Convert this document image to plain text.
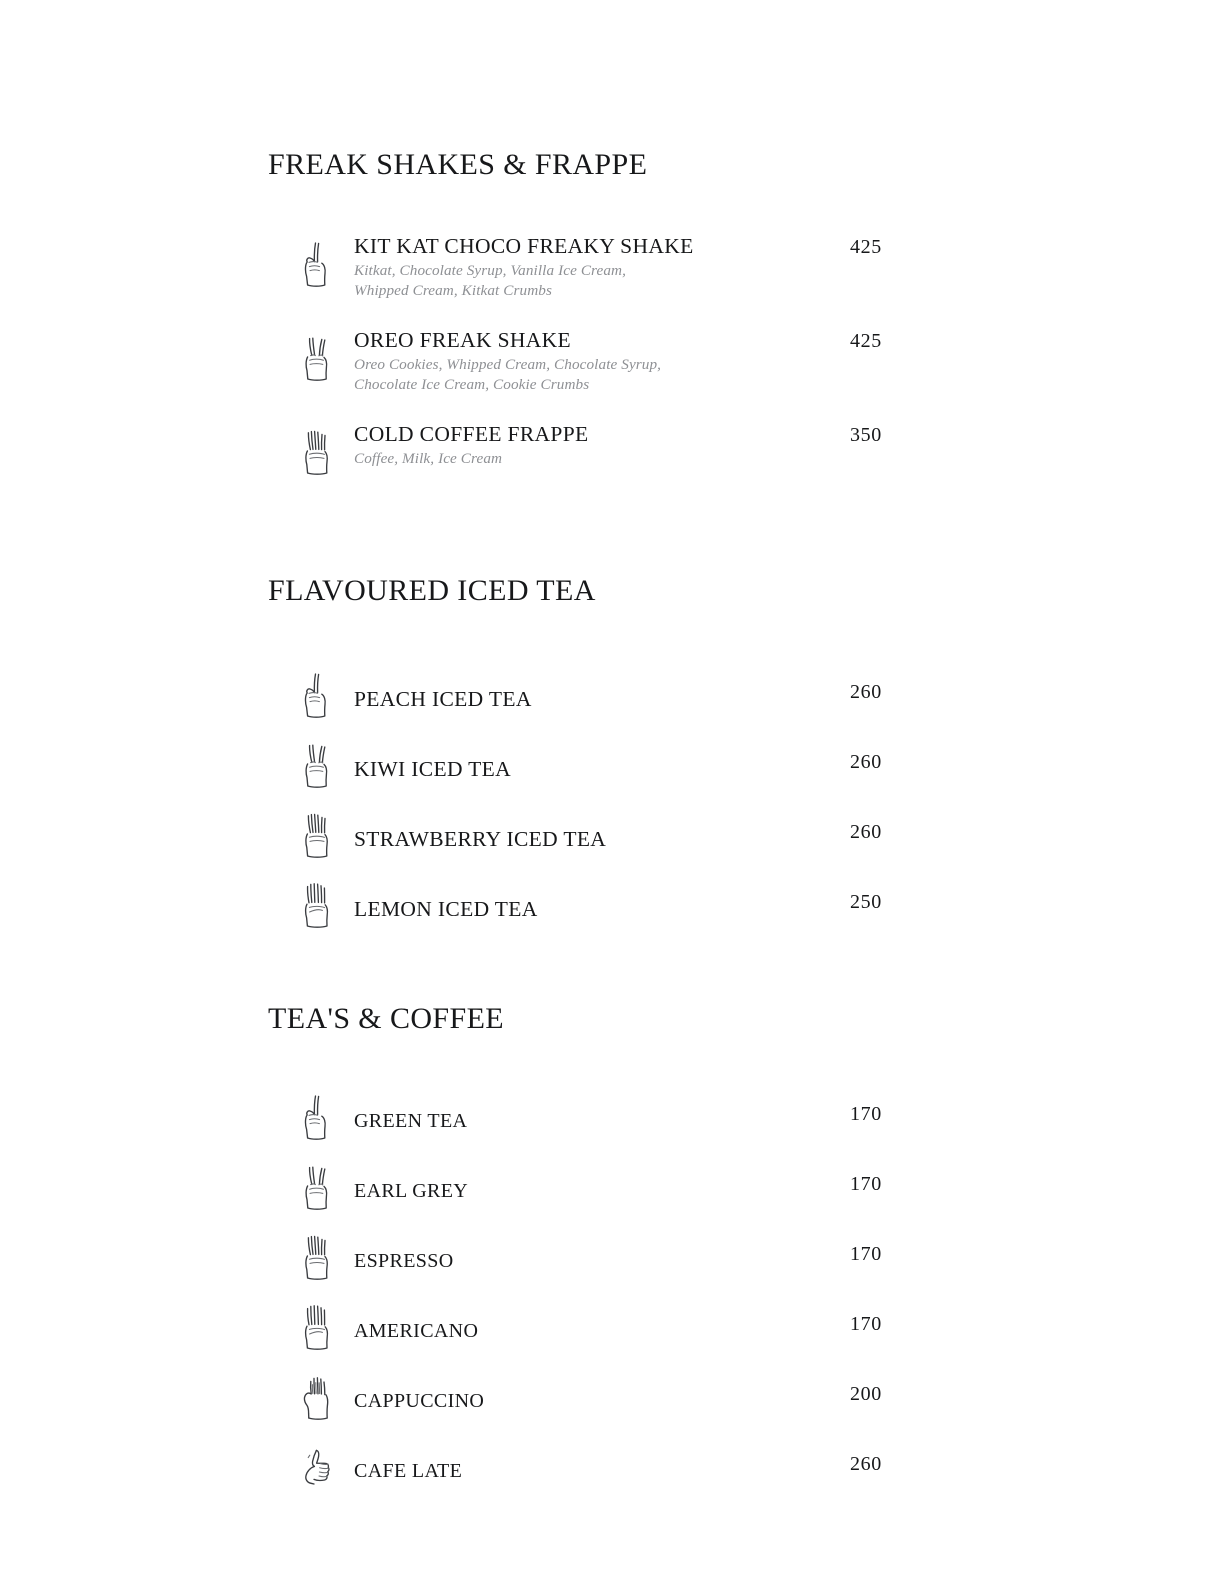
FREAK SHAKES & FRAPPE
KIT KAT CHOCO FREAKY SHAKE
Kitkat, Chocolate Syrup, Vanilla Ice Cream,
Whipped Cream, Kitkat Crumbs
425
OREO FREAK SHAKE
Oreo Cookies, Whipped Cream, Chocolate Syrup,
Chocolate Ice Cream, Cookie Crumbs
425
COLD COFFEE FRAPPE
Coffee, Milk, Ice Cream
350
FLAVOURED ICED TEA
PEACH ICED TEA	260
KIWI ICED TEA	260
STRAWBERRY ICED TEA	260
LEMON ICED TEA	250
TEA'S & COFFEE
GREEN TEA	170
EARL GREY	170
ESPRESSO	170
AMERICANO	170
CAPPUCCINO	200
CAFE LATE	260
